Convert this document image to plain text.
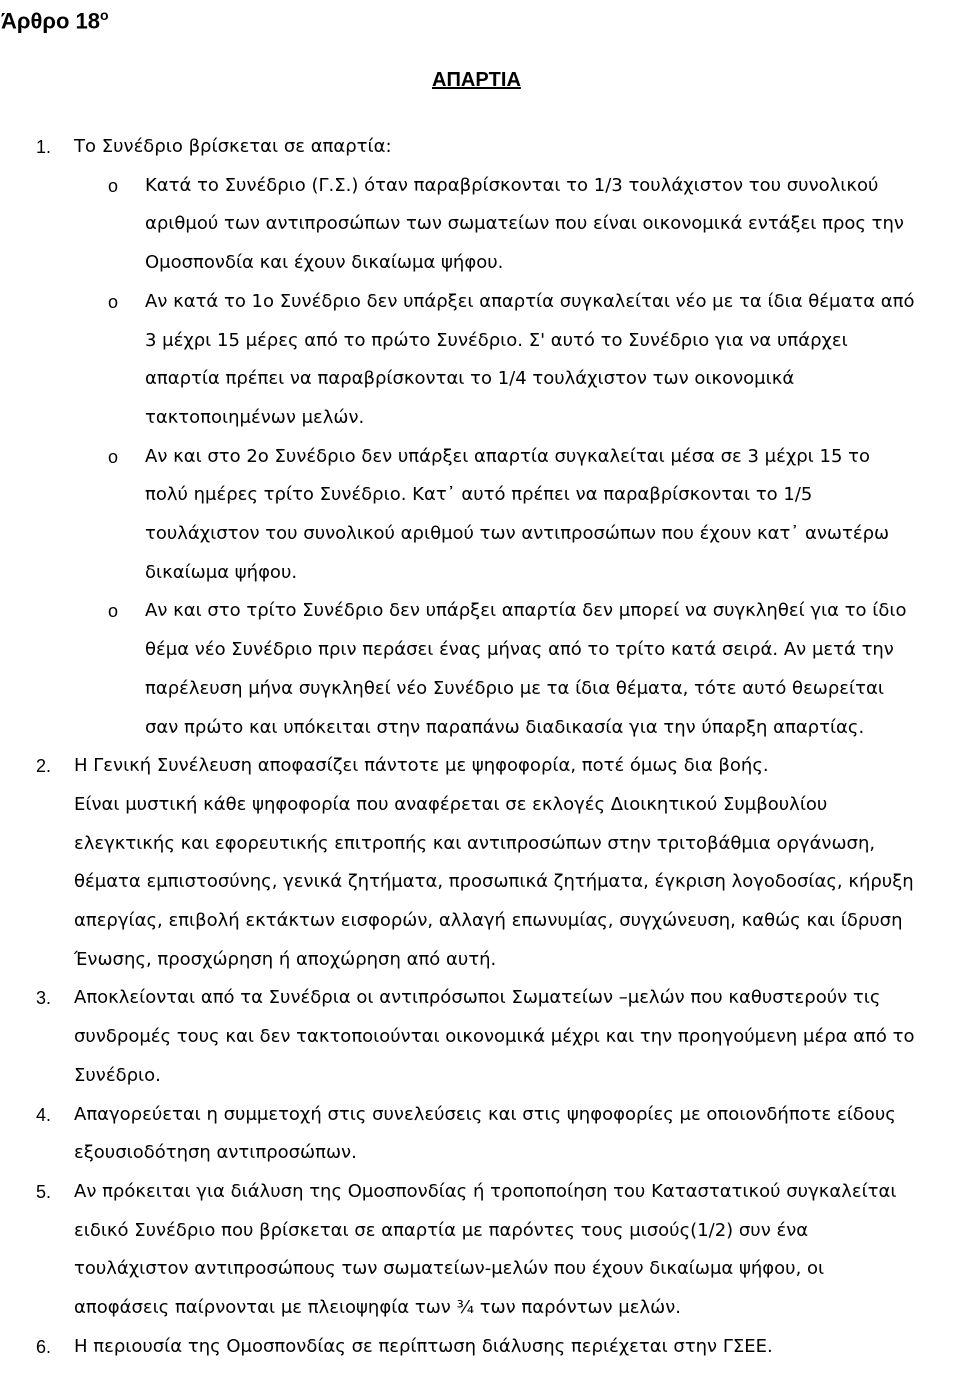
Άρθρο $18^o$
ΑΠΑΡΤΙΑ
1.	Το Συνέδριο βρίσκεται σε απαρτία:
o Κατά το Συνέδριο (Γ.Σ.) όταν παραβρίσκονται το 1/3 τουλάχιστον του συνολικού
αριθμού των αντιπροσώπων των σωματείων που είναι οικονομικά εντάξει προς την
Ομοσπονδία και έχουν δικαίωμα ψήφου.
o Αν κατά το 1ο Συνέδριο δεν υπάρξει απαρτία συγκαλείται νέο με τα ίδια θέματα από
3 μέχρι 15 μέρες από το πρώτο Συνέδριο. Σ' αυτό το Συνέδριο για να υπάρχει
απαρτία πρέπει να παραβρίσκονται το 1/4 τουλάχιστον των οικονομικά
τακτοποιημένων μελών.
o Αν και στο 2ο Συνέδριο δεν υπάρξει απαρτία συγκαλείται μέσα σε 3 μέχρι 15 το
πολύ ημέρες τρίτο Συνέδριο. Κατ᾽ αυτό πρέπει να παραβρίσκονται το 1/5
τουλάχιστον του συνολικού αριθμού των αντιπροσώπων που έχουν κατ᾽ ανωτέρω
δικαίωμα ψήφου.
o Αν και στο τρίτο Συνέδριο δεν υπάρξει απαρτία δεν μπορεί να συγκληθεί για το ίδιο
θέμα νέο Συνέδριο πριν περάσει ένας μήνας από το τρίτο κατά σειρά. Αν μετά την
παρέλευση μήνα συγκληθεί νέο Συνέδριο με τα ίδια θέματα, τότε αυτό θεωρείται
σαν πρώτο και υπόκειται στην παραπάνω διαδικασία για την ύπαρξη απαρτίας.
2.	Η Γενική Συνέλευση αποφασίζει πάντοτε με ψηφοφορία, ποτέ όμως δια βοής.
Είναι μυστική κάθε ψηφοφορία που αναφέρεται σε εκλογές Διοικητικού Συμβουλίου
ελεγκτικής και εφορευτικής επιτροπής και αντιπροσώπων στην τριτοβάθμια οργάνωση,
θέματα εμπιστοσύνης, γενικά ζητήματα, προσωπικά ζητήματα, έγκριση λογοδοσίας, κήρυξη
απεργίας, επιβολή εκτάκτων εισφορών, αλλαγή επωνυμίας, συγχώνευση, καθώς και ίδρυση
Ένωσης, προσχώρηση ή αποχώρηση από αυτή.
3.	Αποκλείονται από τα Συνέδρια οι αντιπρόσωποι Σωματείων –μελών που καθυστερούν τις
συνδρομές τους και δεν τακτοποιούνται οικονομικά μέχρι και την προηγούμενη μέρα από το
Συνέδριο.
4.	Απαγορεύεται η συμμετοχή στις συνελεύσεις και στις ψηφοφορίες με οποιονδήποτε είδους
εξουσιοδότηση αντιπροσώπων.
5.	Αν πρόκειται για διάλυση της Ομοσπονδίας ή τροποποίηση του Καταστατικού συγκαλείται
ειδικό Συνέδριο που βρίσκεται σε απαρτία με παρόντες τους μισούς(1/2) συν ένα
τουλάχιστον αντιπροσώπους των σωματείων-μελών που έχουν δικαίωμα ψήφου, οι
αποφάσεις παίρνονται με πλειοψηφία των ¾ των παρόντων μελών.
6.	Η περιουσία της Ομοσπονδίας σε περίπτωση διάλυσης περιέχεται στην ΓΣΕΕ.
